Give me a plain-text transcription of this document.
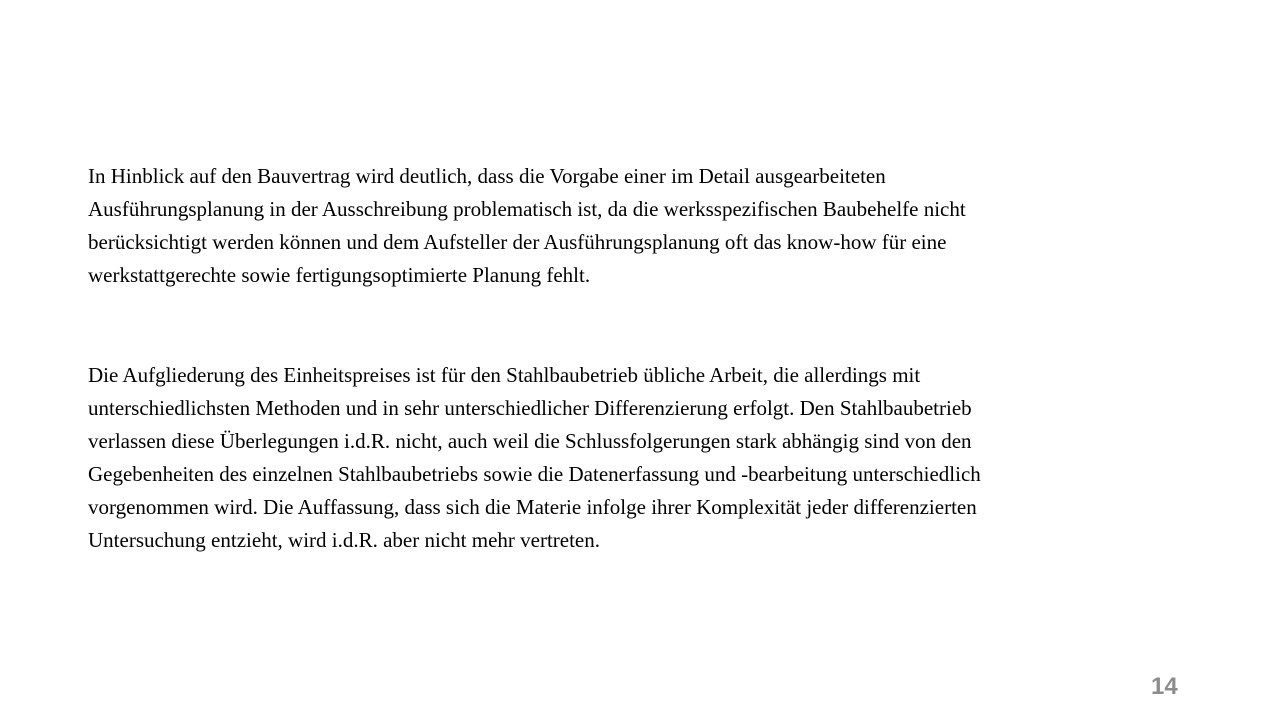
In Hinblick auf den Bauvertrag wird deutlich, dass die Vorgabe einer im Detail ausgearbeiteten
Ausführungsplanung in der Ausschreibung problematisch ist, da die werksspezifischen Baubehelfe nicht
berücksichtigt werden können und dem Aufsteller der Ausführungsplanung oft das know-how für eine
werkstattgerechte sowie fertigungsoptimierte Planung fehlt.

Die Aufgliederung des Einheitspreises ist für den Stahlbaubetrieb übliche Arbeit, die allerdings mit
unterschiedlichsten Methoden und in sehr unterschiedlicher Differenzierung erfolgt. Den Stahlbaubetrieb
verlassen diese Überlegungen i.d.R. nicht, auch weil die Schlussfolgerungen stark abhängig sind von den
Gegebenheiten des einzelnen Stahlbaubetriebs sowie die Datenerfassung und -bearbeitung unterschiedlich
vorgenommen wird. Die Auffassung, dass sich die Materie infolge ihrer Komplexität jeder differenzierten
Untersuchung entzieht, wird i.d.R. aber nicht mehr vertreten.

14
